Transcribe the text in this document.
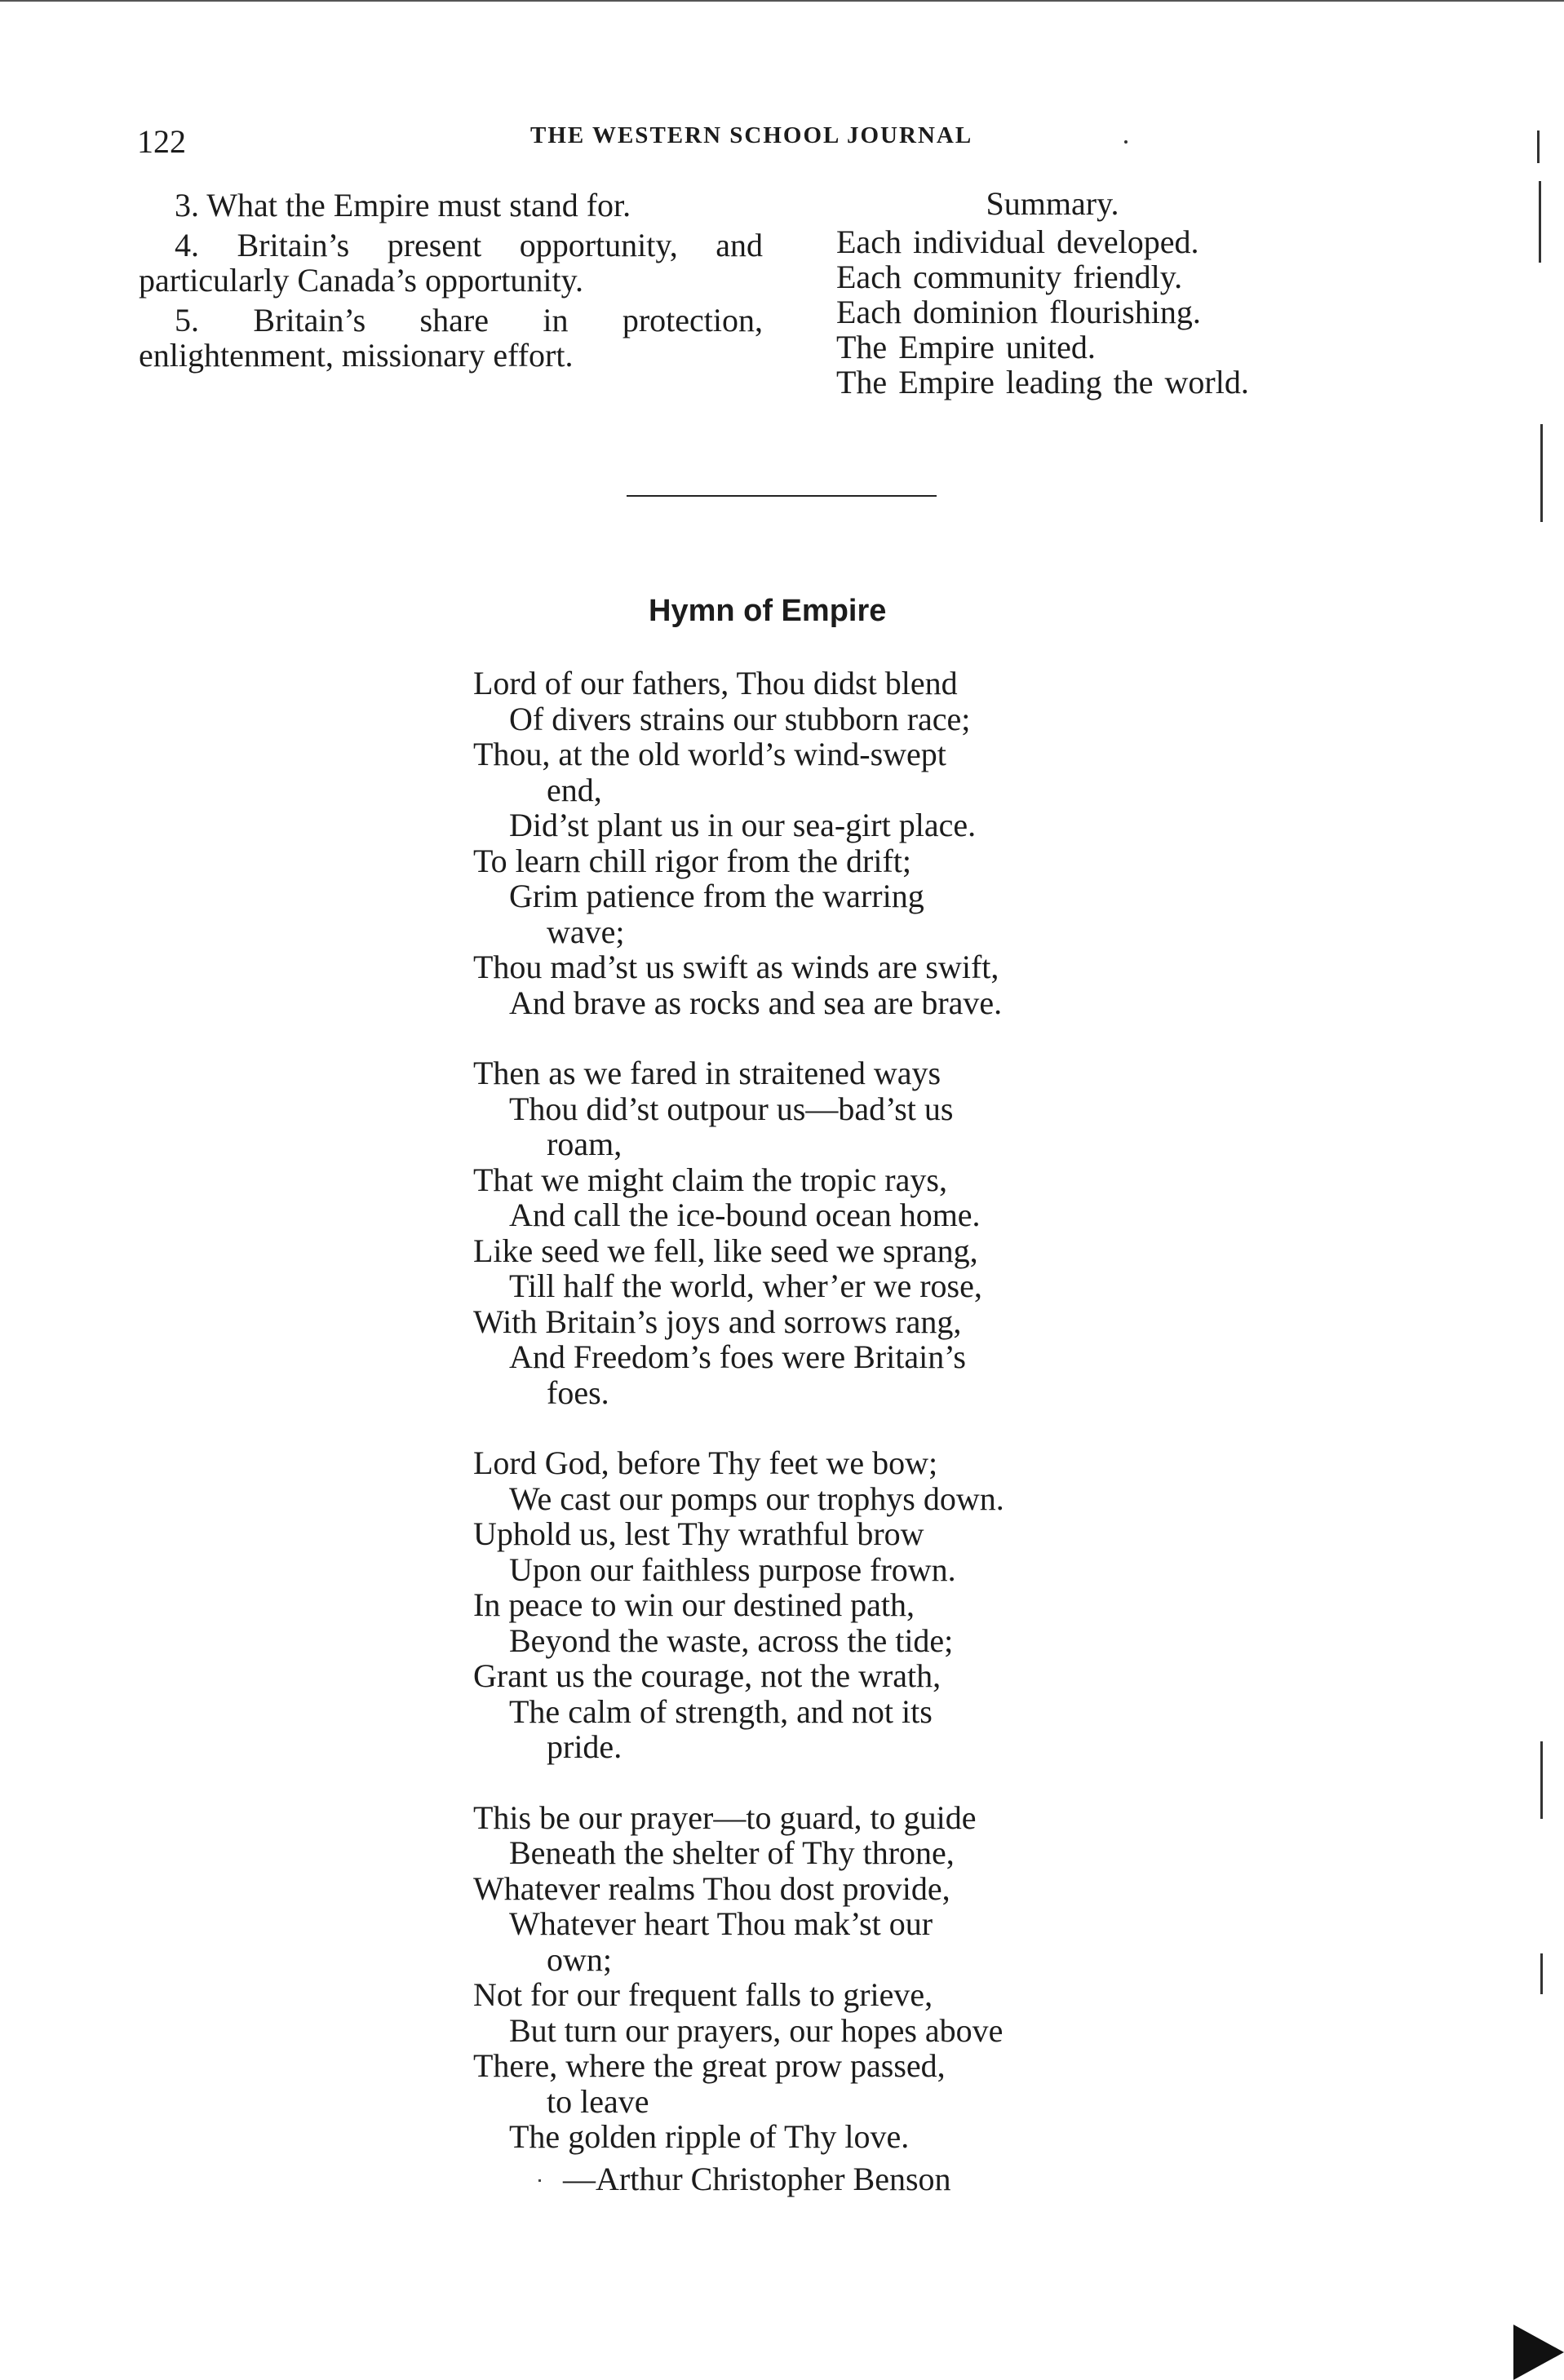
122	THE WESTERN SCHOOL JOURNAL

3. What the Empire must stand for.

4. Britain’s present opportunity, and particularly Canada’s opportunity.

5. Britain’s share in protection, enlightenment, missionary effort.

Summary.
Each individual developed.
Each community friendly.
Each dominion flourishing.
The Empire united.
The Empire leading the world.
Hymn of Empire
Lord of our fathers, Thou didst blend
Of divers strains our stubborn race;
Thou, at the old world’s wind-swept
end,
Did’st plant us in our sea-girt place.
To learn chill rigor from the drift;
Grim patience from the warring
wave;
Thou mad’st us swift as winds are swift,
And brave as rocks and sea are brave.
Then as we fared in straitened ways
Thou did’st outpour us—bad’st us
roam,
That we might claim the tropic rays,
And call the ice-bound ocean home.
Like seed we fell, like seed we sprang,
Till half the world, wher’er we rose,
With Britain’s joys and sorrows rang,
And Freedom’s foes were Britain’s
foes.
Lord God, before Thy feet we bow;
We cast our pomps our trophys down.
Uphold us, lest Thy wrathful brow
Upon our faithless purpose frown.
In peace to win our destined path,
Beyond the waste, across the tide;
Grant us the courage, not the wrath,
The calm of strength, and not its
pride.
This be our prayer—to guard, to guide
Beneath the shelter of Thy throne,
Whatever realms Thou dost provide,
Whatever heart Thou mak’st our
own;
Not for our frequent falls to grieve,
But turn our prayers, our hopes above
There, where the great prow passed,
to leave
The golden ripple of Thy love.
—Arthur Christopher Benson
